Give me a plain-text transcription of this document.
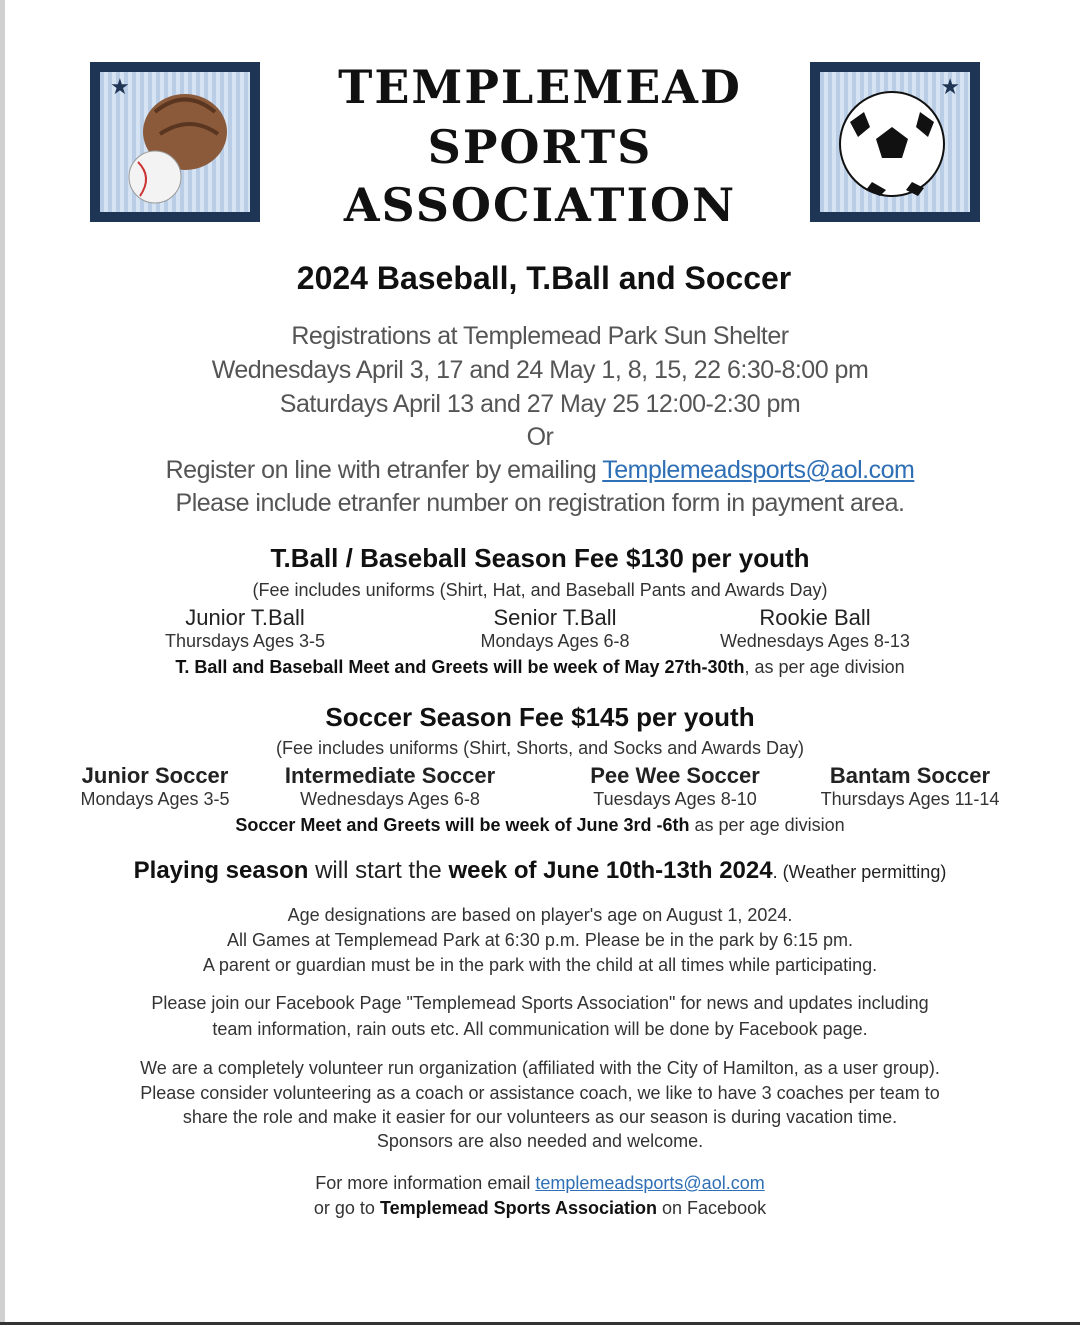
★	★
TEMPLEMEAD
SPORTS
ASSOCIATION
2024 Baseball, T.Ball and Soccer
Registrations at Templemead Park Sun Shelter
Wednesdays April 3, 17 and 24 May 1, 8, 15, 22 6:30-8:00 pm
Saturdays April 13 and 27 May 25 12:00-2:30 pm
Or
Register on line with etranfer by emailing Templemeadsports@aol.com
Please include etranfer number on registration form in payment area.
T.Ball / Baseball Season Fee $130 per youth
(Fee includes uniforms (Shirt, Hat, and Baseball Pants and Awards Day)
Junior T.Ball
Thursdays Ages 3-5
Senior T.Ball
Mondays Ages 6-8
Rookie Ball
Wednesdays Ages 8-13
T. Ball and Baseball Meet and Greets will be week of May 27th-30th, as per age division
Soccer Season Fee $145 per youth
(Fee includes uniforms (Shirt, Shorts, and Socks and Awards Day)
Junior Soccer
Mondays Ages 3-5
Intermediate Soccer
Wednesdays Ages 6-8
Pee Wee Soccer
Tuesdays Ages 8-10
Bantam Soccer
Thursdays Ages 11-14
Soccer Meet and Greets will be week of June 3rd -6th as per age division
Playing season will start the week of June 10th-13th 2024. (Weather permitting)
Age designations are based on player's age on August 1, 2024.
All Games at Templemead Park at 6:30 p.m. Please be in the park by 6:15 pm.
A parent or guardian must be in the park with the child at all times while participating.
Please join our Facebook Page "Templemead Sports Association" for news and updates including
team information, rain outs etc. All communication will be done by Facebook page.
We are a completely volunteer run organization (affiliated with the City of Hamilton, as a user group).
Please consider volunteering as a coach or assistance coach, we like to have 3 coaches per team to
share the role and make it easier for our volunteers as our season is during vacation time.
Sponsors are also needed and welcome.
For more information email templemeadsports@aol.com
or go to Templemead Sports Association on Facebook
